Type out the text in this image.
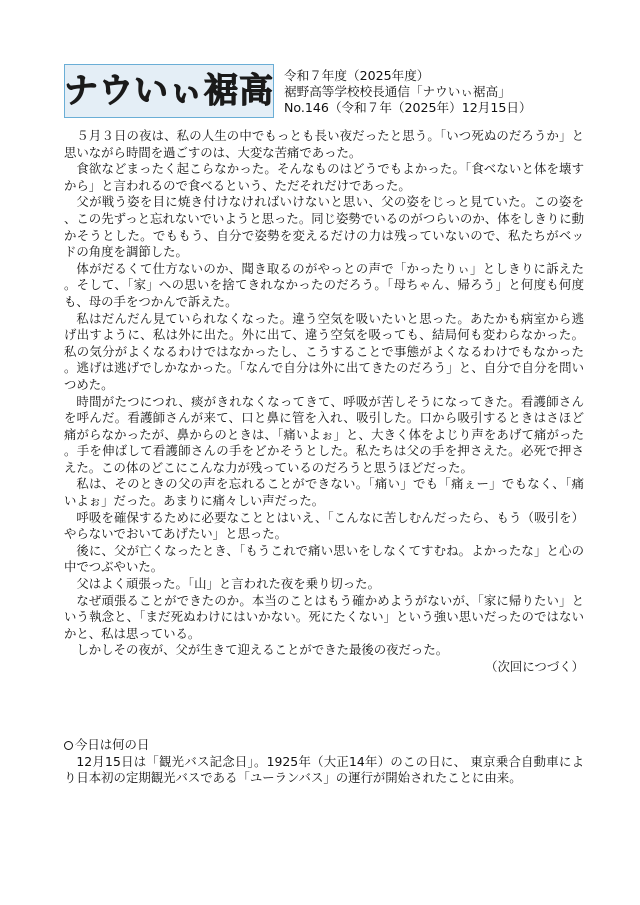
ナウいぃ裾高 令和７年度（2025年度）
裾野高等学校校長通信「ナウいぃ裾高」
No.146（令和７年（2025年）12月15日）

５月３日の夜は、私の人生の中でもっとも長い夜だったと思う。「いつ死ぬのだろうか」と思いながら時間を過ごすのは、大変な苦痛であった。

食欲などまったく起こらなかった。そんなものはどうでもよかった。「食べないと体を壊すから」と言われるので食べるという、ただそれだけであった。

父が戦う姿を目に焼き付けなければいけないと思い、父の姿をじっと見ていた。この姿を、この先ずっと忘れないでいようと思った。同じ姿勢でいるのがつらいのか、体をしきりに動かそうとした。でももう、自分で姿勢を変えるだけの力は残っていないので、私たちがベッドの角度を調節した。

体がだるくて仕方ないのか、聞き取るのがやっとの声で「かったりぃ」としきりに訴えた。そして、「家」への思いを捨てきれなかったのだろう。「母ちゃん、帰ろう」と何度も何度も、母の手をつかんで訴えた。

私はだんだん見ていられなくなった。違う空気を吸いたいと思った。あたかも病室から逃げ出すように、私は外に出た。外に出て、違う空気を吸っても、結局何も変わらなかった。私の気分がよくなるわけではなかったし、こうすることで事態がよくなるわけでもなかった。逃げは逃げでしかなかった。「なんで自分は外に出てきたのだろう」と、自分で自分を問いつめた。

時間がたつにつれ、痰がきれなくなってきて、呼吸が苦しそうになってきた。看護師さんを呼んだ。看護師さんが来て、口と鼻に管を入れ、吸引した。口から吸引するときはさほど痛がらなかったが、鼻からのときは、「痛いよぉ」と、大きく体をよじり声をあげて痛がった。手を伸ばして看護師さんの手をどかそうとした。私たちは父の手を押さえた。必死で押さえた。この体のどこにこんな力が残っているのだろうと思うほどだった。

私は、そのときの父の声を忘れることができない。「痛い」でも「痛ぇー」でもなく、「痛いよぉ」だった。あまりに痛々しい声だった。

呼吸を確保するために必要なこととはいえ、「こんなに苦しむんだったら、もう（吸引を）やらないでおいてあげたい」と思った。

後に、父が亡くなったとき、「もうこれで痛い思いをしなくてすむね。よかったな」と心の中でつぶやいた。

父はよく頑張った。「山」と言われた夜を乗り切った。

なぜ頑張ることができたのか。本当のことはもう確かめようがないが、「家に帰りたい」という執念と、「まだ死ぬわけにはいかない。死にたくない」という強い思いだったのではないかと、私は思っている。

しかしその夜が、父が生きて迎えることができた最後の夜だった。

（次回につづく）

今日は何の日

12月15日は「観光バス記念日」。1925年（大正14年）のこの日に、 東京乗合自動車により日本初の定期観光バスである「ユーランバス」の運行が開始されたことに由来。
